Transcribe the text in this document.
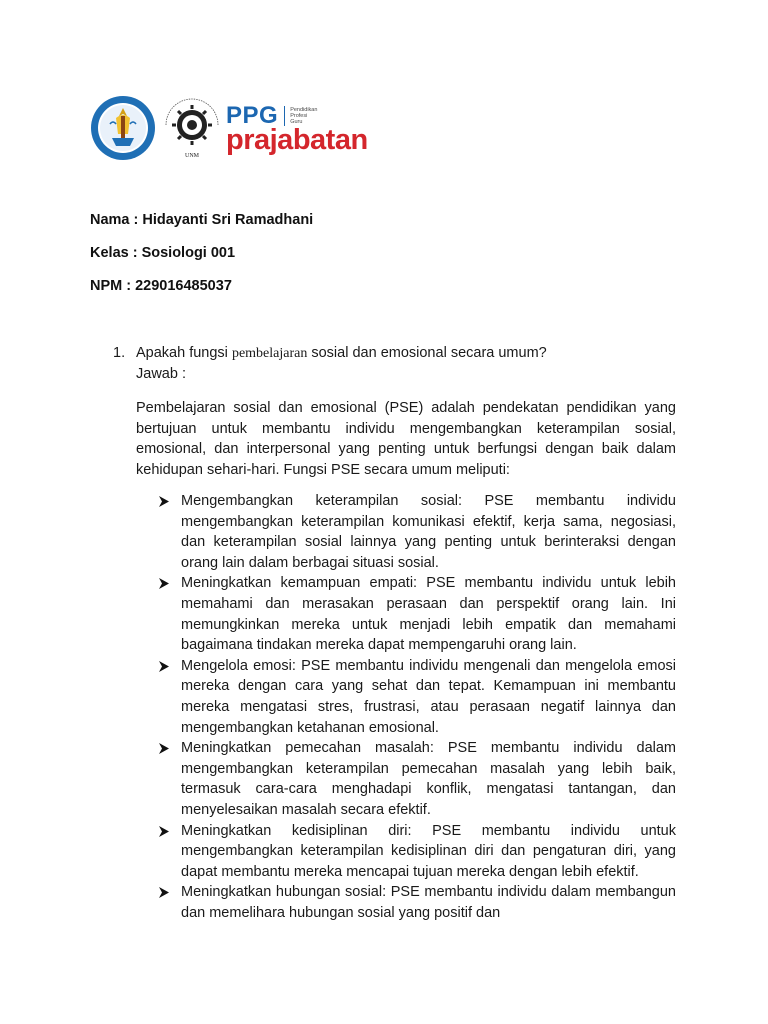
UNM
PPG Pendidikan
Profesi
Guru
prajabatan
Nama : Hidayanti Sri Ramadhani
Kelas : Sosiologi 001
NPM : 229016485037
1. Apakah fungsi pembelajaran sosial dan emosional secara umum?
Jawab :

Pembelajaran sosial dan emosional (PSE) adalah pendekatan pendidikan yang bertujuan untuk membantu individu mengembangkan keterampilan sosial, emosional, dan interpersonal yang penting untuk berfungsi dengan baik dalam kehidupan sehari-hari. Fungsi PSE secara umum meliputi:

Mengembangkan keterampilan sosial: PSE membantu individu mengembangkan keterampilan komunikasi efektif, kerja sama, negosiasi, dan keterampilan sosial lainnya yang penting untuk berinteraksi dengan orang lain dalam berbagai situasi sosial.
Meningkatkan kemampuan empati: PSE membantu individu untuk lebih memahami dan merasakan perasaan dan perspektif orang lain. Ini memungkinkan mereka untuk menjadi lebih empatik dan memahami bagaimana tindakan mereka dapat mempengaruhi orang lain.
Mengelola emosi: PSE membantu individu mengenali dan mengelola emosi mereka dengan cara yang sehat dan tepat. Kemampuan ini membantu mereka mengatasi stres, frustrasi, atau perasaan negatif lainnya dan mengembangkan ketahanan emosional.
Meningkatkan pemecahan masalah: PSE membantu individu dalam mengembangkan keterampilan pemecahan masalah yang lebih baik, termasuk cara-cara menghadapi konflik, mengatasi tantangan, dan menyelesaikan masalah secara efektif.
Meningkatkan kedisiplinan diri: PSE membantu individu untuk mengembangkan keterampilan kedisiplinan diri dan pengaturan diri, yang dapat membantu mereka mencapai tujuan mereka dengan lebih efektif.
Meningkatkan hubungan sosial: PSE membantu individu dalam membangun dan memelihara hubungan sosial yang positif dan
